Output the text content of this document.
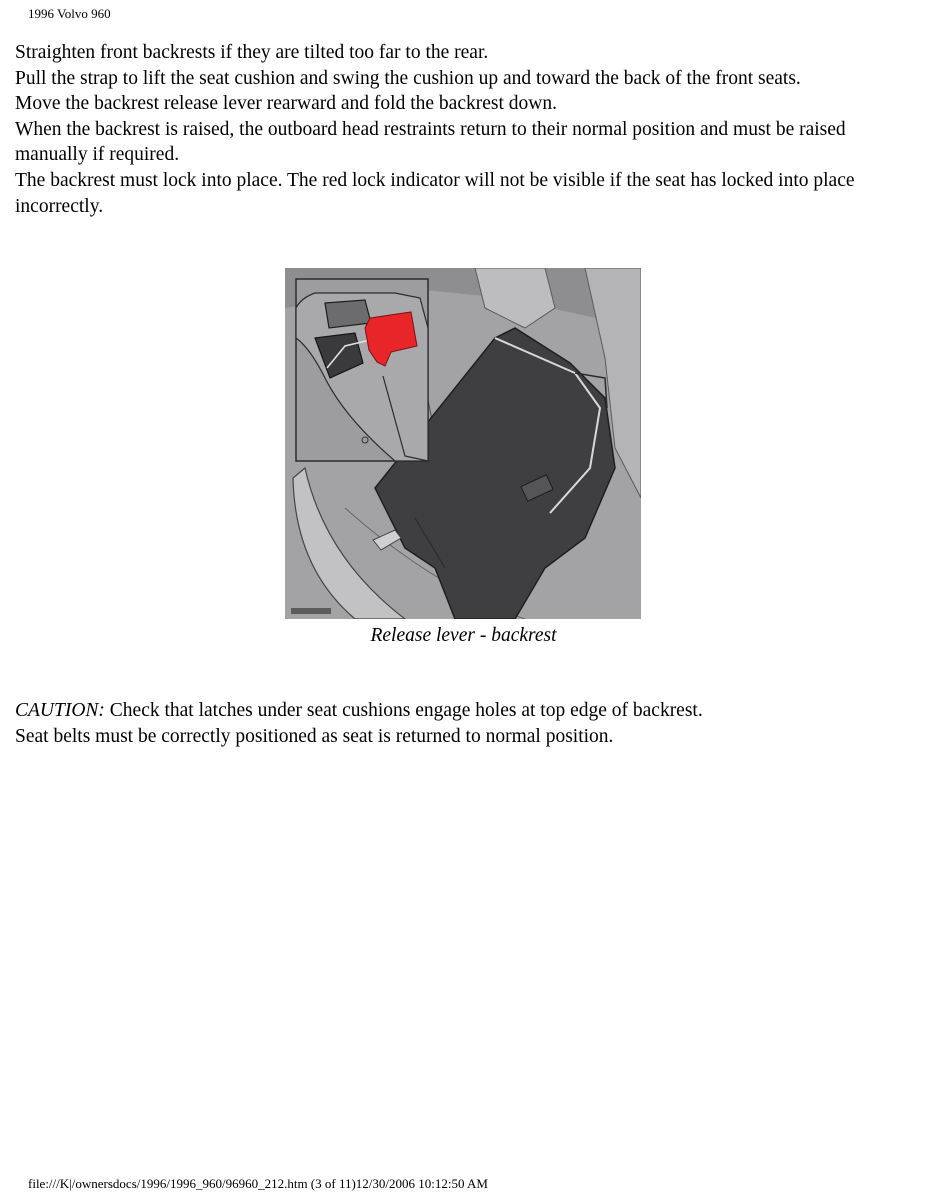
1996 Volvo 960

Straighten front backrests if they are tilted too far to the rear.

Pull the strap to lift the seat cushion and swing the cushion up and toward the back of the front seats.

Move the backrest release lever rearward and fold the backrest down.

When the backrest is raised, the outboard head restraints return to their normal position and must be raised manually if required.

The backrest must lock into place. The red lock indicator will not be visible if the seat has locked into place incorrectly.

Release lever - backrest

CAUTION: Check that latches under seat cushions engage holes at top edge of backrest.

Seat belts must be correctly positioned as seat is returned to normal position.

file:///K|/ownersdocs/1996/1996_960/96960_212.htm (3 of 11)12/30/2006 10:12:50 AM
